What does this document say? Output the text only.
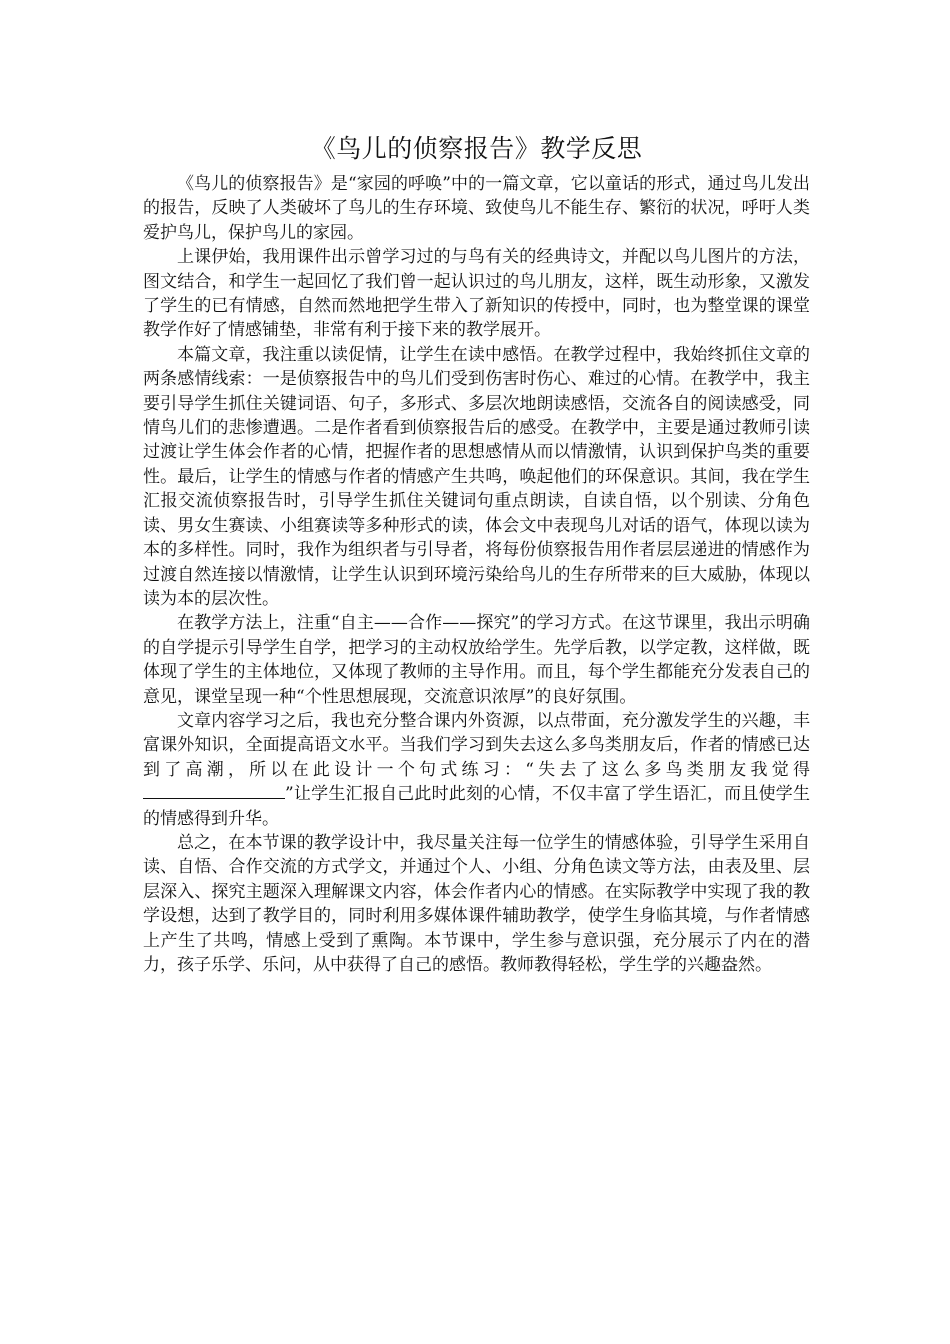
《鸟儿的侦察报告》教学反思

《鸟儿的侦察报告》是“家园的呼唤”中的一篇文章，它以童话的形式，通过鸟儿发出的报告，反映了人类破坏了鸟儿的生存环境、致使鸟儿不能生存、繁衍的状况，呼吁人类爱护鸟儿，保护鸟儿的家园。

上课伊始，我用课件出示曾学习过的与鸟有关的经典诗文，并配以鸟儿图片的方法，图文结合，和学生一起回忆了我们曾一起认识过的鸟儿朋友，这样，既生动形象，又激发了学生的已有情感，自然而然地把学生带入了新知识的传授中，同时，也为整堂课的课堂教学作好了情感铺垫，非常有利于接下来的教学展开。

本篇文章，我注重以读促情，让学生在读中感悟。在教学过程中，我始终抓住文章的两条感情线索：一是侦察报告中的鸟儿们受到伤害时伤心、难过的心情。在教学中，我主要引导学生抓住关键词语、句子，多形式、多层次地朗读感悟，交流各自的阅读感受，同情鸟儿们的悲惨遭遇。二是作者看到侦察报告后的感受。在教学中，主要是通过教师引读过渡让学生体会作者的心情，把握作者的思想感情从而以情激情，认识到保护鸟类的重要性。最后，让学生的情感与作者的情感产生共鸣，唤起他们的环保意识。其间，我在学生汇报交流侦察报告时，引导学生抓住关键词句重点朗读，自读自悟，以个别读、分角色读、男女生赛读、小组赛读等多种形式的读，体会文中表现鸟儿对话的语气，体现以读为本的多样性。同时，我作为组织者与引导者，将每份侦察报告用作者层层递进的情感作为过渡自然连接以情激情，让学生认识到环境污染给鸟儿的生存所带来的巨大威胁，体现以读为本的层次性。

在教学方法上，注重“自主——合作——探究”的学习方式。在这节课里，我出示明确的自学提示引导学生自学，把学习的主动权放给学生。先学后教，以学定教，这样做，既体现了学生的主体地位，又体现了教师的主导作用。而且，每个学生都能充分发表自己的意见，课堂呈现一种“个性思想展现，交流意识浓厚”的良好氛围。

文章内容学习之后，我也充分整合课内外资源，以点带面，充分激发学生的兴趣，丰富课外知识，全面提高语文水平。当我们学习到失去这么多鸟类朋友后，作者的情感已达到了高潮，所以在此设计一个句式练习：“失去了这么多鸟类朋友我觉得”让学生汇报自己此时此刻的心情，不仅丰富了学生语汇，而且使学生的情感得到升华。

总之，在本节课的教学设计中，我尽量关注每一位学生的情感体验，引导学生采用自读、自悟、合作交流的方式学文，并通过个人、小组、分角色读文等方法，由表及里、层层深入、探究主题深入理解课文内容，体会作者内心的情感。在实际教学中实现了我的教学设想，达到了教学目的，同时利用多媒体课件辅助教学，使学生身临其境，与作者情感上产生了共鸣，情感上受到了熏陶。本节课中，学生参与意识强，充分展示了内在的潜力，孩子乐学、乐问，从中获得了自己的感悟。教师教得轻松，学生学的兴趣盎然。
